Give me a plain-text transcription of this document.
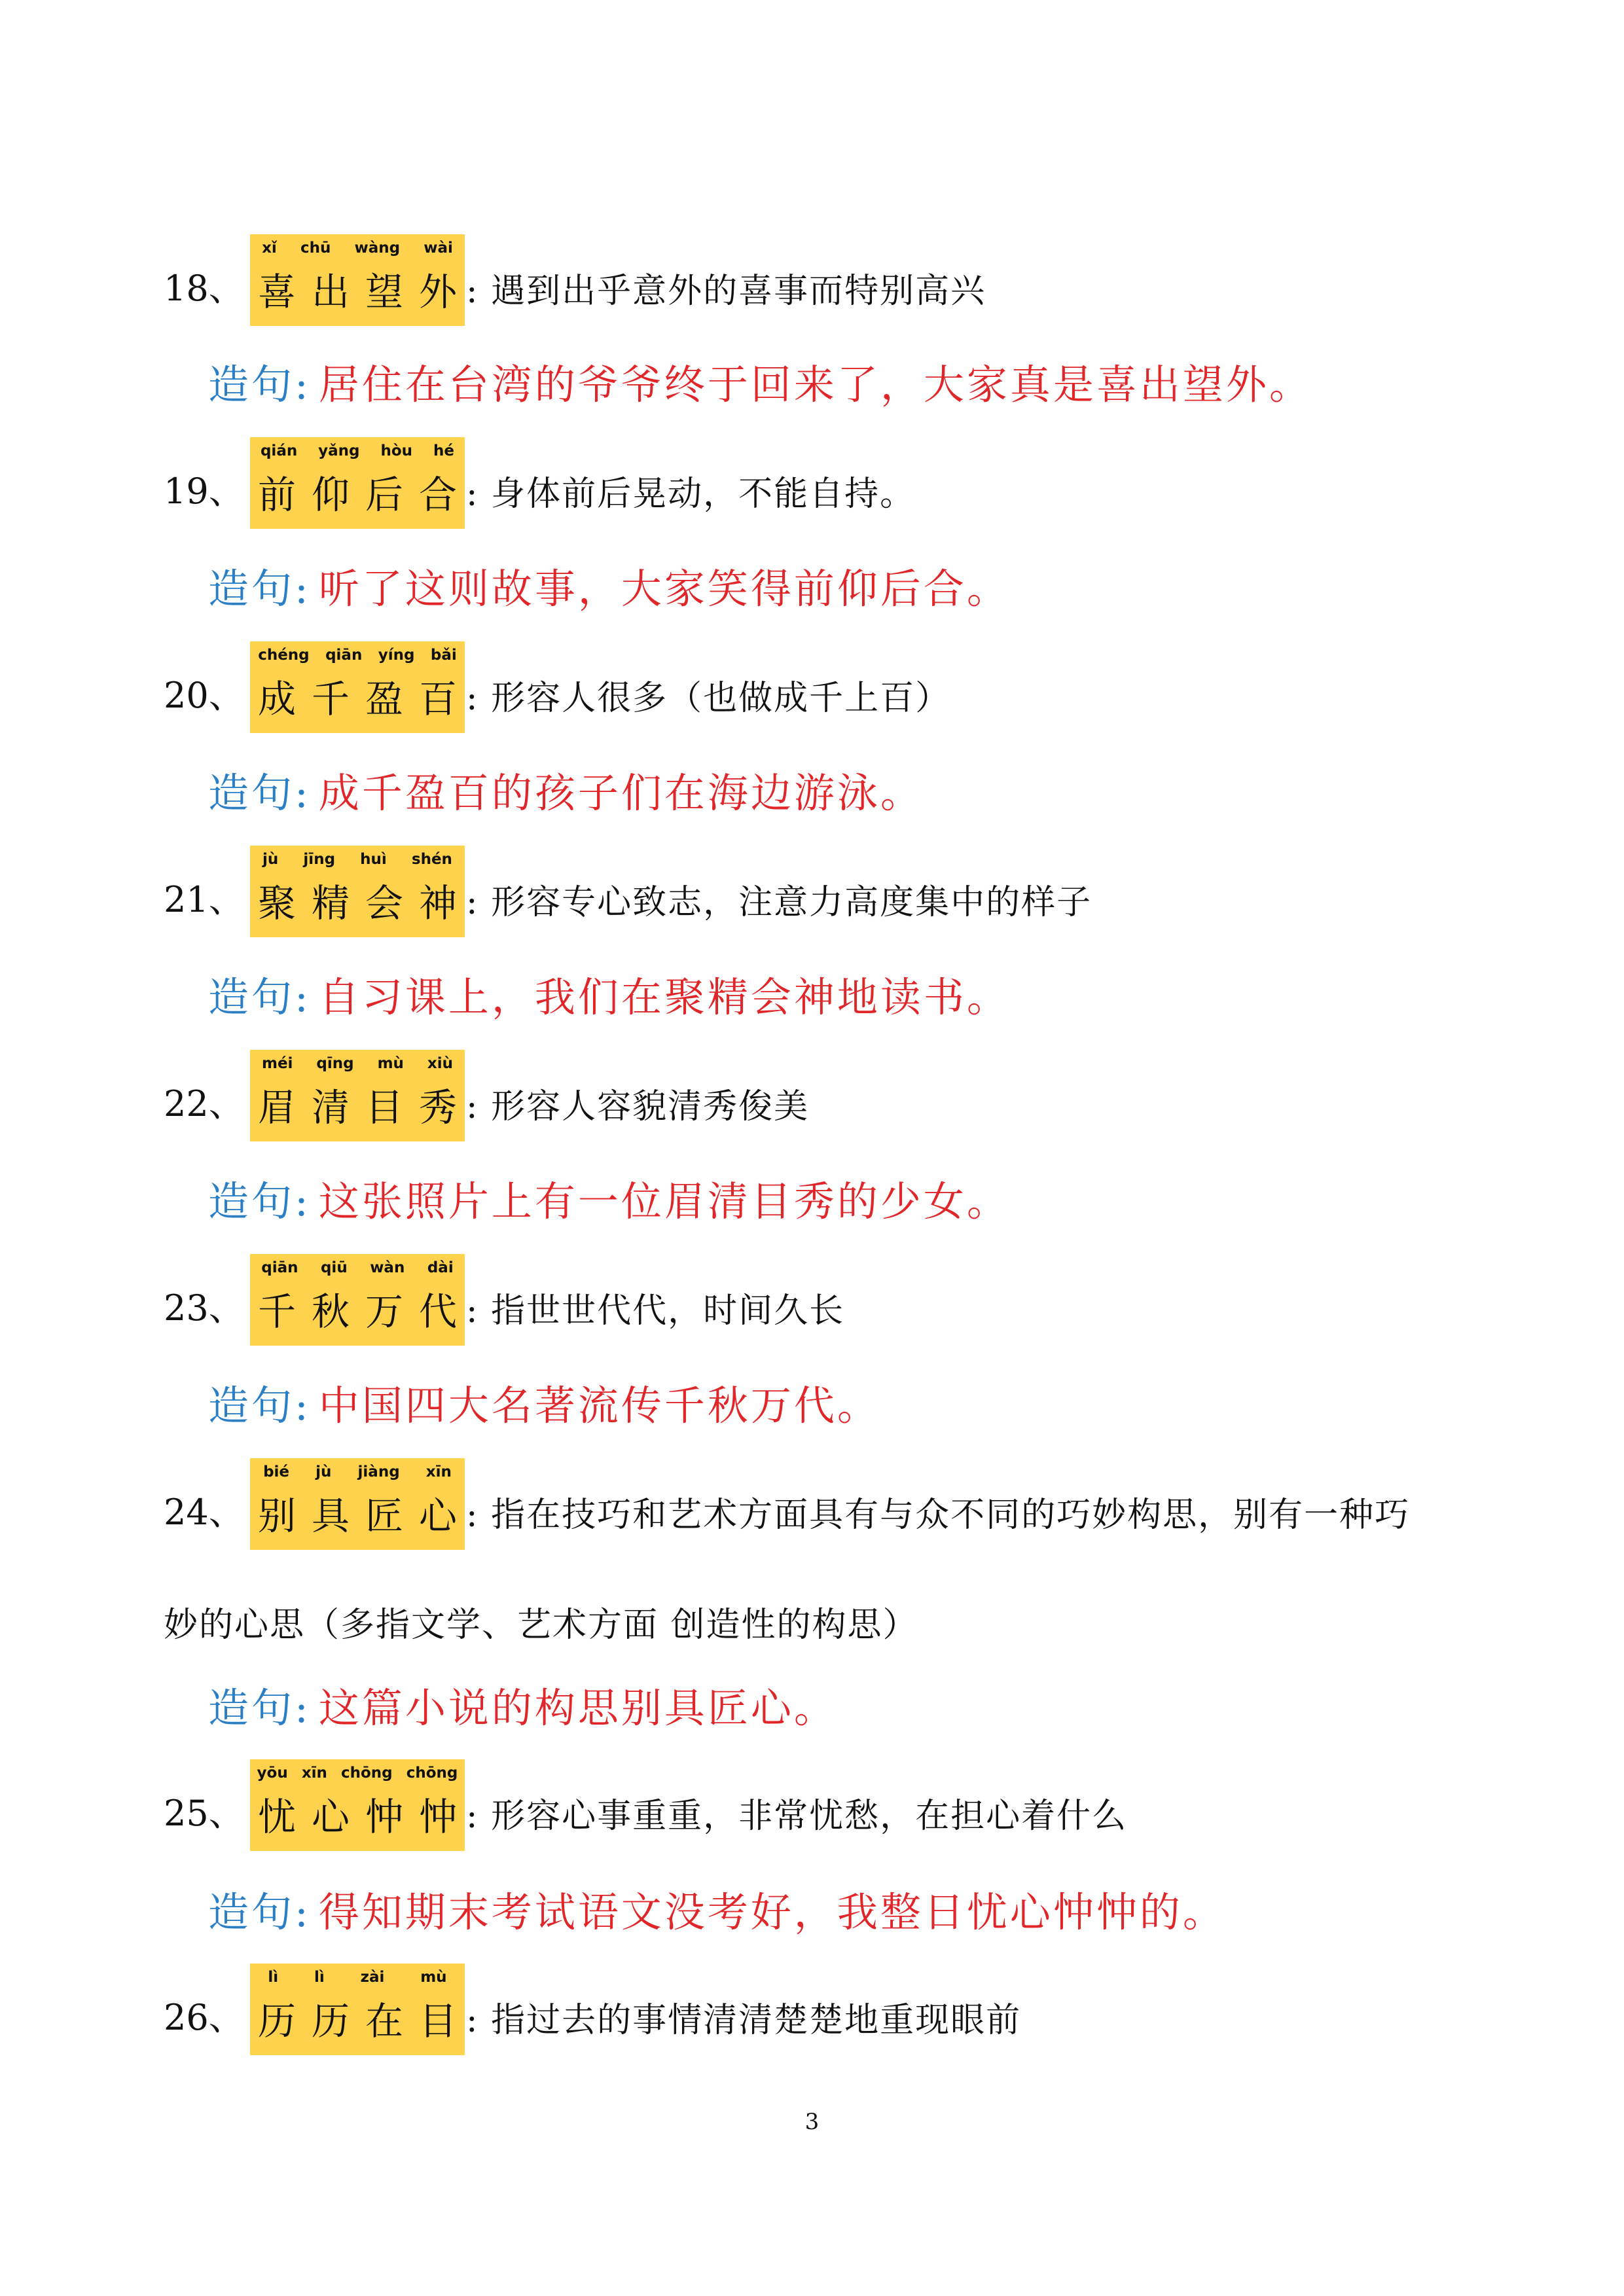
18、
xǐ chū wàng wài
喜 出 望 外 : 遇到出乎意外的喜事而特别高兴
造句: 居住在台湾的爷爷终于回来了，大家真是喜出望外。
19、
qián yǎng hòu hé
前 仰 后 合 : 身体前后晃动，不能自持。
造句: 听了这则故事，大家笑得前仰后合。
20、
chéng qiān yíng bǎi
成 千 盈 百 : 形容人很多（也做成千上百）
造句: 成千盈百的孩子们在海边游泳。
21、
jù jīng huì shén
聚 精 会 神 : 形容专心致志，注意力高度集中的样子
造句: 自习课上，我们在聚精会神地读书。
22、
méi qīng mù xiù
眉 清 目 秀 : 形容人容貌清秀俊美
造句: 这张照片上有一位眉清目秀的少女。
23、
qiān qiū wàn dài
千 秋 万 代 : 指世世代代，时间久长
造句: 中国四大名著流传千秋万代。
24、
bié jù jiàng xīn
别 具 匠 心 : 指在技巧和艺术方面具有与众不同的巧妙构思，别有一种巧
妙的心思（多指文学、艺术方面 创造性的构思）
造句: 这篇小说的构思别具匠心。
25、
yōu xīn chōng chōng
忧 心 忡 忡 : 形容心事重重，非常忧愁，在担心着什么
造句: 得知期末考试语文没考好，我整日忧心忡忡的。
26、
lì lì zài mù
历 历 在 目 : 指过去的事情清清楚楚地重现眼前
3
